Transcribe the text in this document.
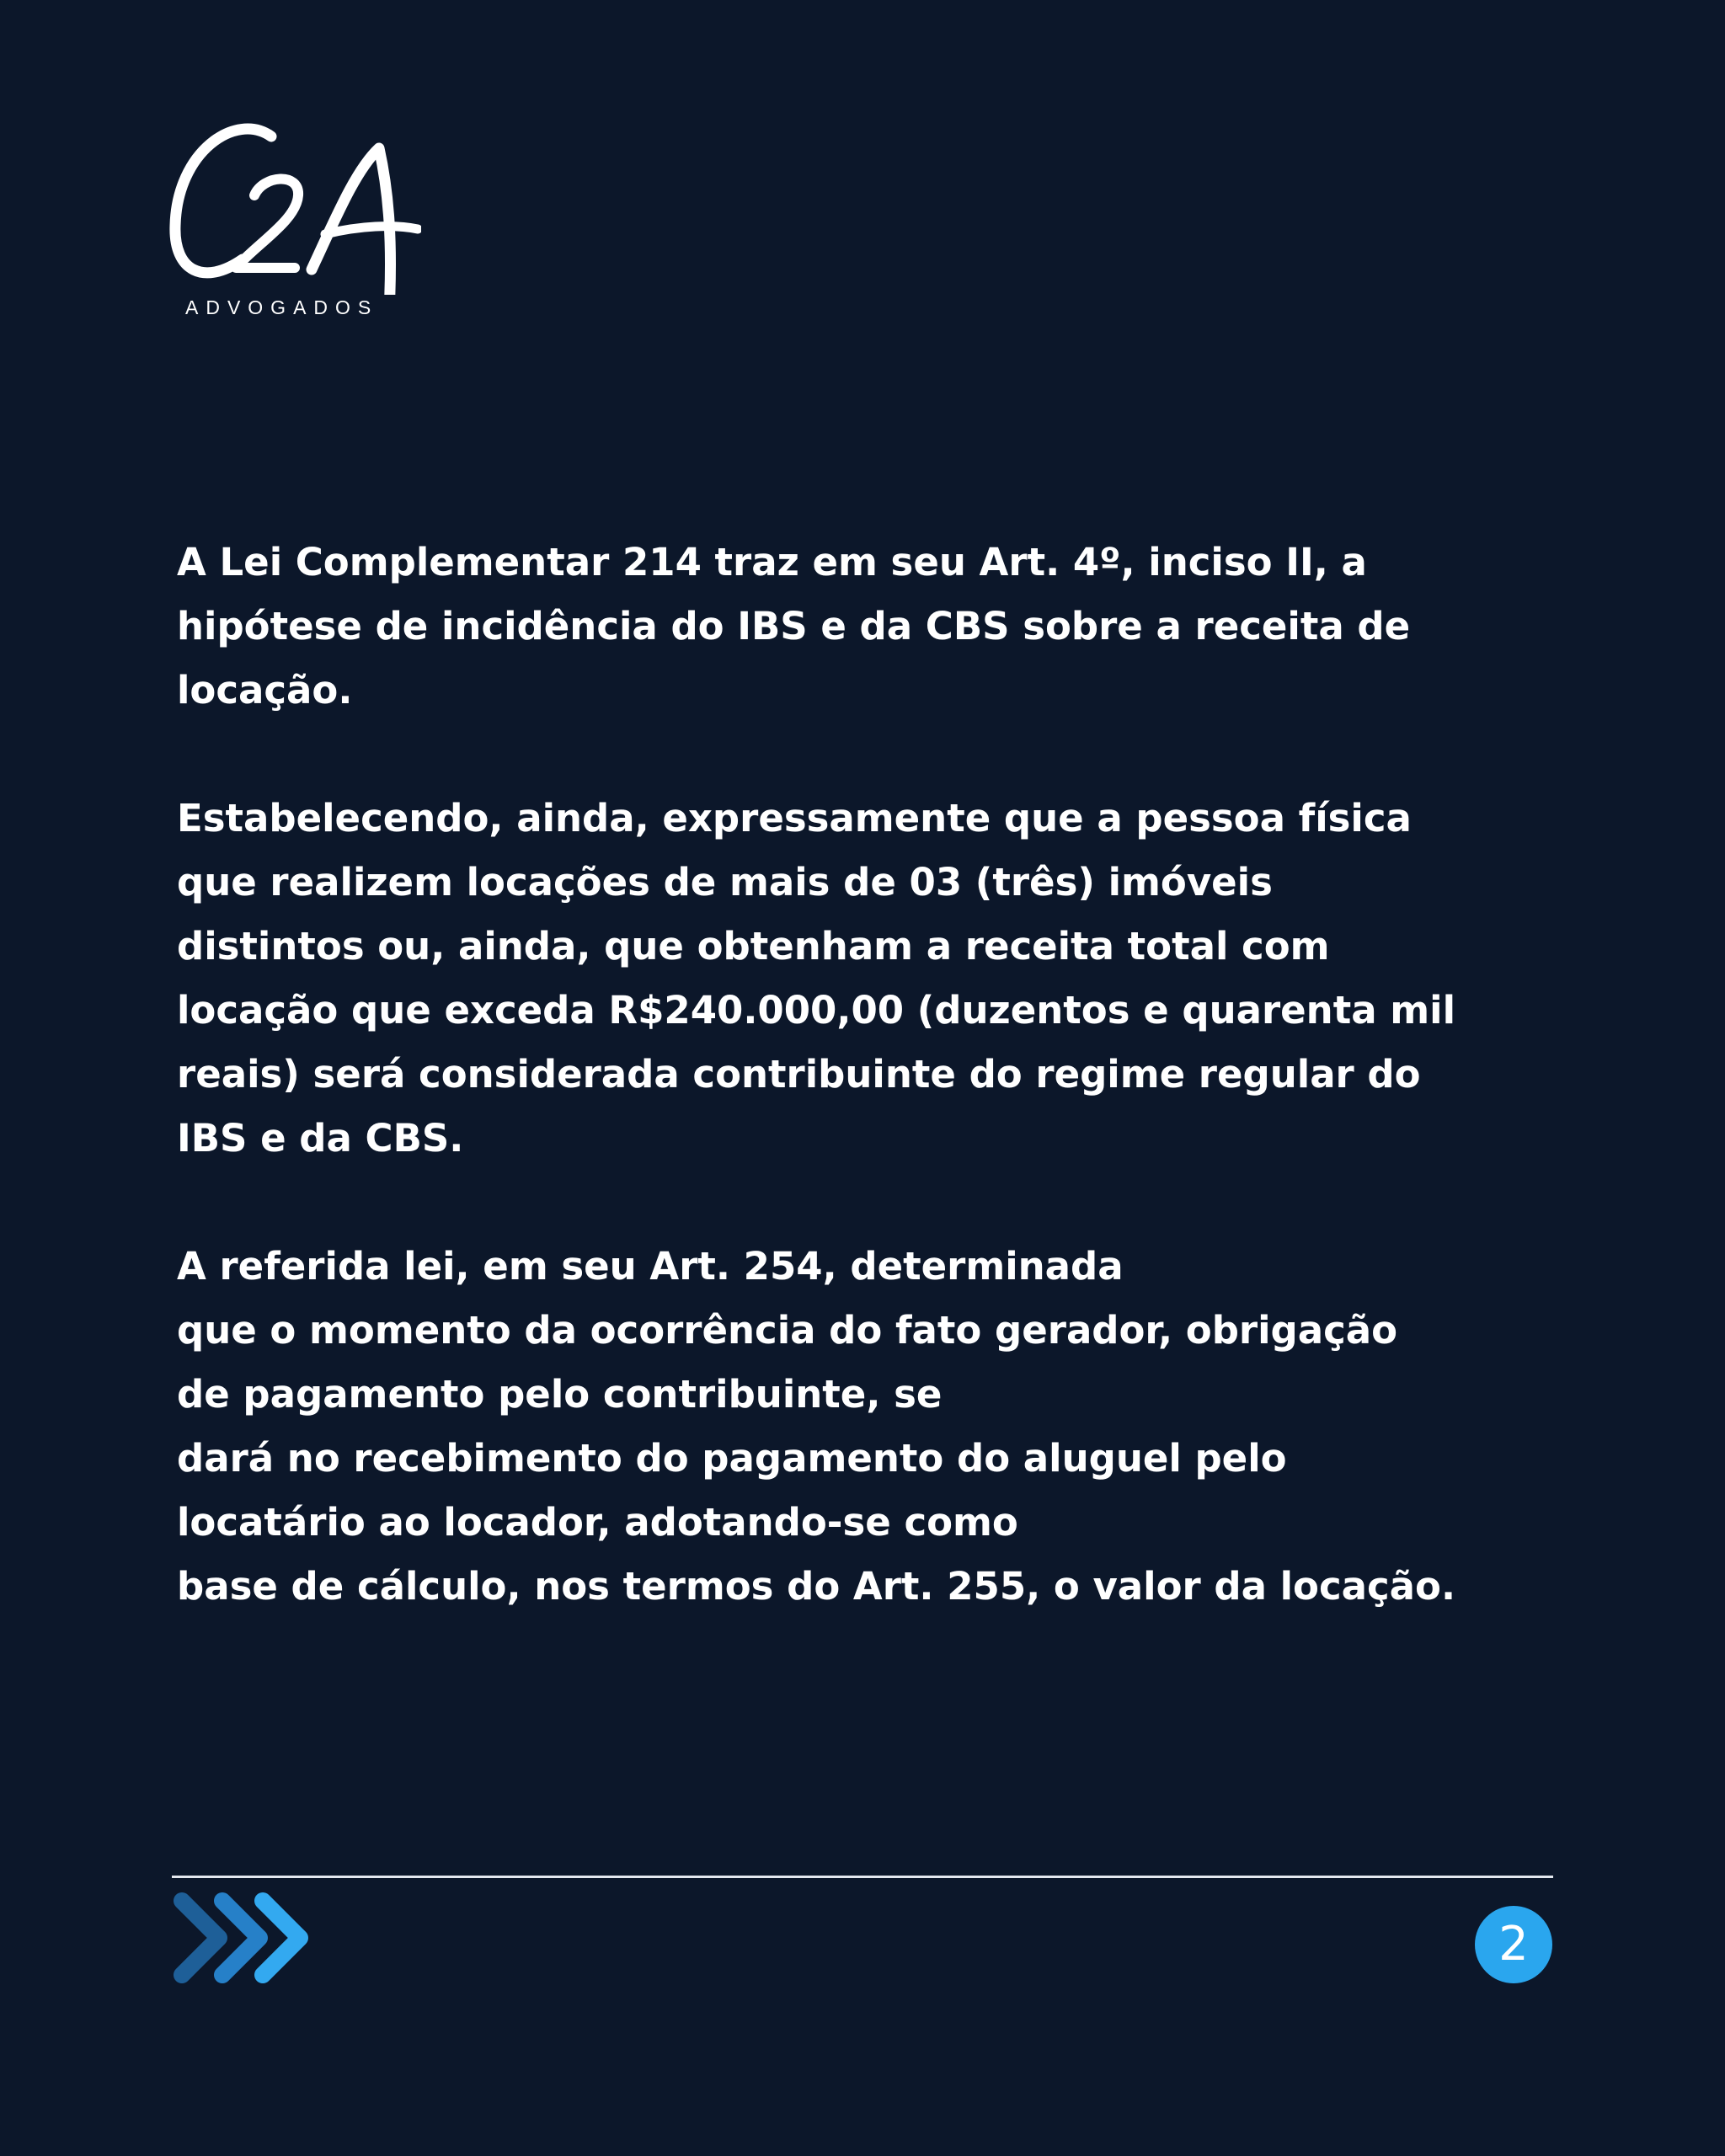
ADVOGADOS

A Lei Complementar 214 traz em seu Art. 4º, inciso II, a
hipótese de incidência do IBS e da CBS sobre a receita de
locação.

Estabelecendo, ainda, expressamente que a pessoa física
que realizem locações de mais de 03 (três) imóveis
distintos ou, ainda, que obtenham a receita total com
locação que exceda R$240.000,00 (duzentos e quarenta mil
reais) será considerada contribuinte do regime regular do
IBS e da CBS.

A referida lei, em seu Art. 254, determinada
que o momento da ocorrência do fato gerador, obrigação
de pagamento pelo contribuinte, se
dará no recebimento do pagamento do aluguel pelo
locatário ao locador, adotando-se como
base de cálculo, nos termos do Art. 255, o valor da locação.

2
